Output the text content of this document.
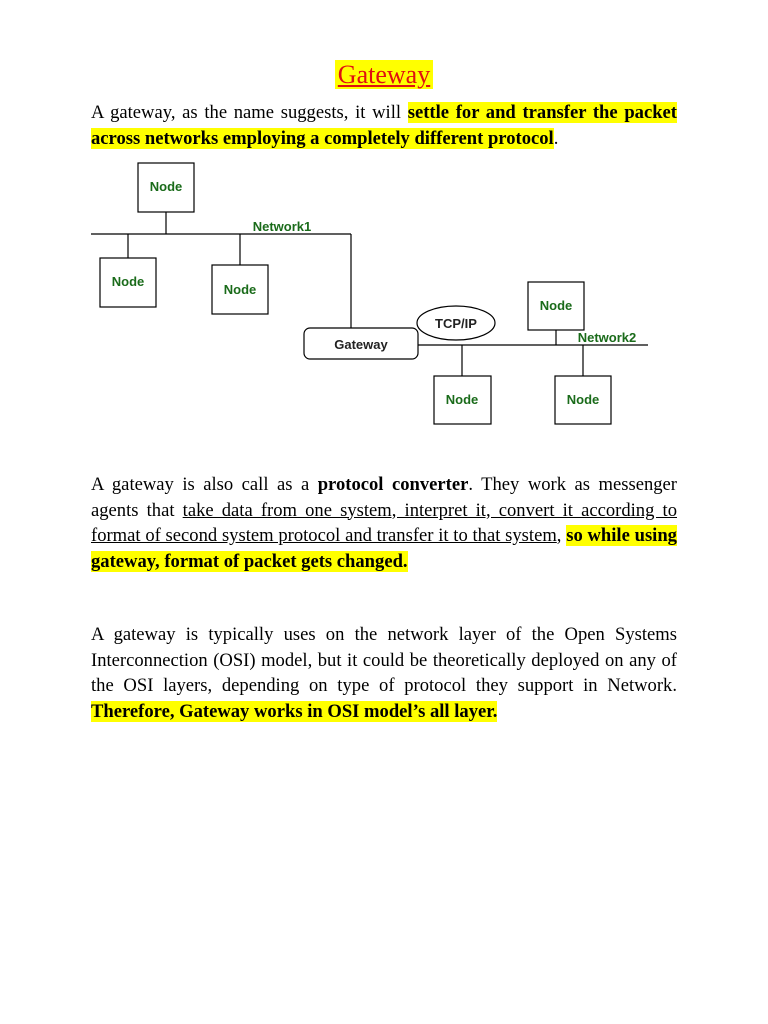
Gateway

A gateway, as the name suggests, it will settle for and transfer the packet across networks employing a completely different protocol.

Node
Network1
Node
Node
Node
TCP/IP
Gateway	Network2
Node	Node

A gateway is also call as a protocol converter. They work as messenger agents that take data from one system, interpret it, convert it according to format of second system protocol and transfer it to that system, so while using gateway, format of packet gets changed.

A gateway is typically uses on the network layer of the Open Systems Interconnection (OSI) model, but it could be theoretically deployed on any of the OSI layers, depending on type of protocol they support in Network. Therefore, Gateway works in OSI model’s all layer.
